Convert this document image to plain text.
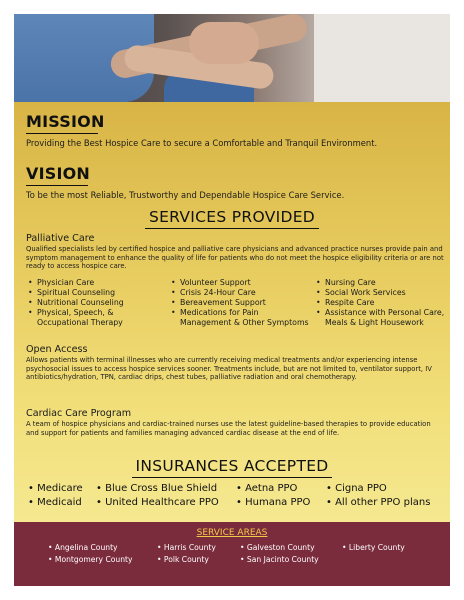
MISSION
Providing the Best Hospice Care to secure a Comfortable and Tranquil Environment.
VISION
To be the most Reliable, Trustworthy and Dependable Hospice Care Service.
SERVICES PROVIDED
Palliative Care
Qualified specialists led by certified hospice and palliative care physicians and advanced practice nurses provide pain and symptom management to enhance the quality of life for patients who do not meet the hospice eligibility criteria or are not ready to access hospice care.
• Physician Care
• Spiritual Counseling
• Nutritional Counseling
• Physical, Speech, & Occupational Therapy
• Volunteer Support
• Crisis 24-Hour Care
• Bereavement Support
• Medications for Pain Management & Other Symptoms
• Nursing Care
• Social Work Services
• Respite Care
• Assistance with Personal Care, Meals & Light Housework
Open Access
Allows patients with terminal illnesses who are currently receiving medical treatments and/or experiencing intense psychosocial issues to access hospice services sooner. Treatments include, but are not limited to, ventilator support, IV antibiotics/hydration, TPN, cardiac drips, chest tubes, palliative radiation and oral chemotherapy.
Cardiac Care Program
A team of hospice physicians and cardiac-trained nurses use the latest guideline-based therapies to provide education and support for patients and families managing advanced cardiac disease at the end of life.
INSURANCES ACCEPTED
• Medicare
• Medicaid
• Blue Cross Blue Shield
• United Healthcare PPO
• Aetna PPO
• Humana PPO
• Cigna PPO
• All other PPO plans
SERVICE AREAS
• Angelina County
• Montgomery County
• Harris County
• Polk County
• Galveston County
• San Jacinto County
• Liberty County
